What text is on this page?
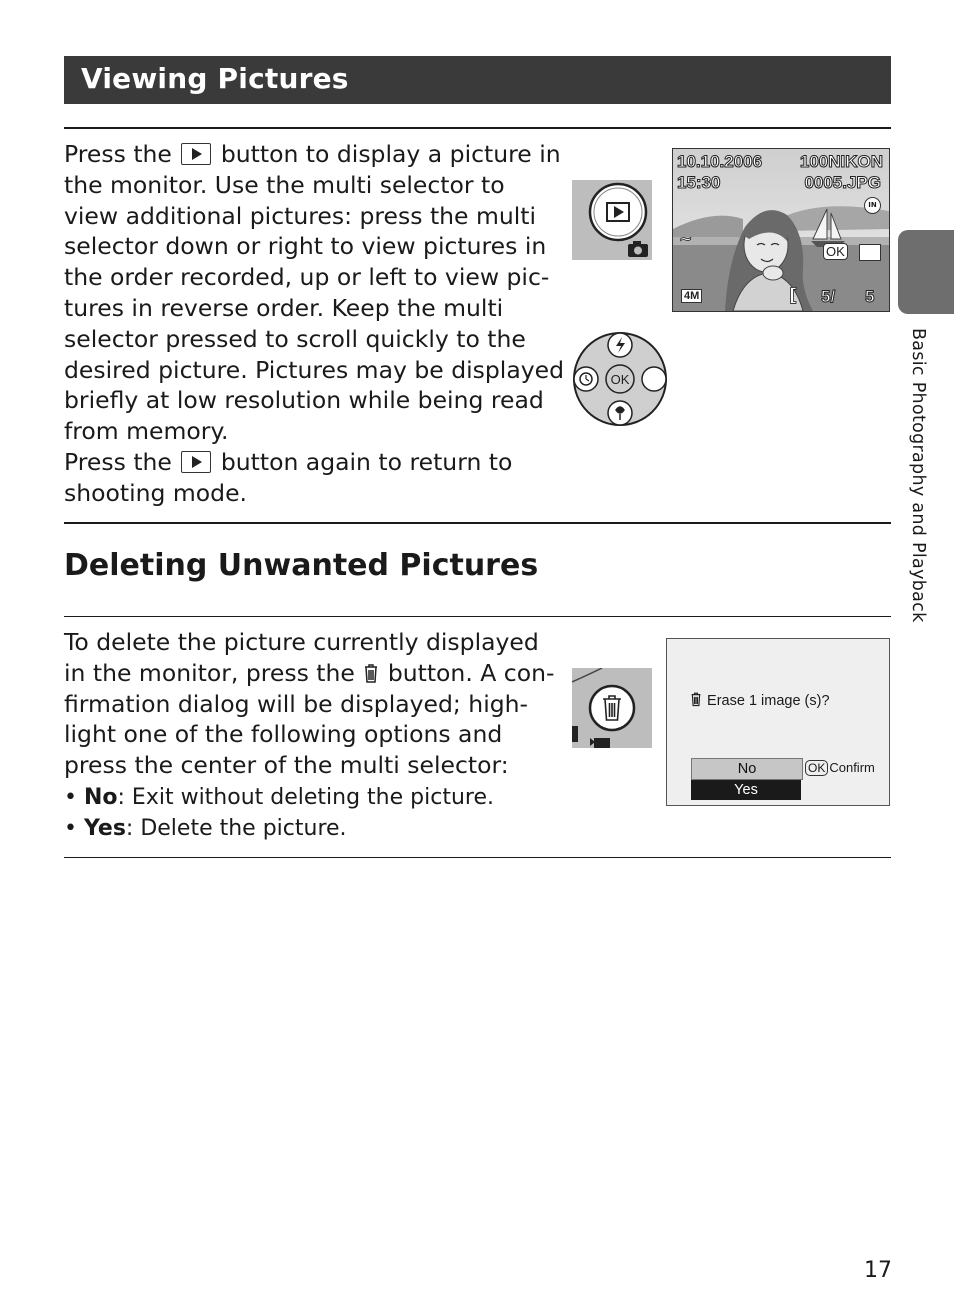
Viewing Pictures
Press the  button to display a picture in
the monitor. Use the multi selector to
view additional pictures: press the multi
selector down or right to view pictures in
the order recorded, up or left to view pic-
tures in reverse order. Keep the multi
selector pressed to scroll quickly to the
desired picture. Pictures may be displayed
briefly at low resolution while being read
from memory.
Press the  button again to return to
shooting mode.
10.10.2006
15:30
100NIKON
0005.JPG
IN
~
OK
4M	[ 5/ 5
OK
Deleting Unwanted Pictures
To delete the picture currently displayed
in the monitor, press the  button. A con-
firmation dialog will be displayed; high-
light one of the following options and
press the center of the multi selector:
• No: Exit without deleting the picture.
• Yes: Delete the picture.
Erase 1 image (s)?
No
Yes
OK Confirm
Basic Photography and Playback
17
